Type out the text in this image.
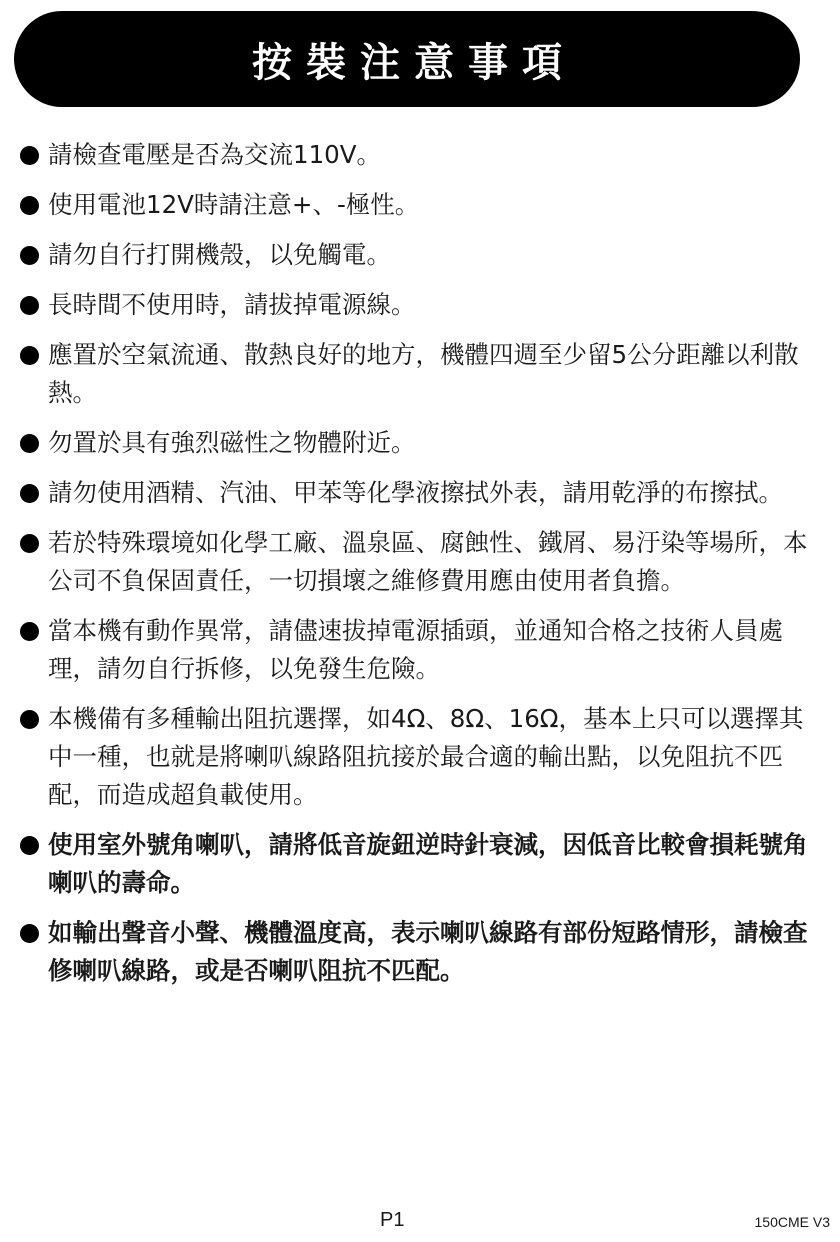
按裝注意事項
請檢查電壓是否為交流110V。
使用電池12V時請注意+、-極性。
請勿自行打開機殼，以免觸電。
長時間不使用時，請拔掉電源線。
應置於空氣流通、散熱良好的地方，機體四週至少留5公分距離以利散熱。
勿置於具有強烈磁性之物體附近。
請勿使用酒精、汽油、甲苯等化學液擦拭外表，請用乾淨的布擦拭。
若於特殊環境如化學工廠、溫泉區、腐蝕性、鐵屑、易汙染等場所，本公司不負保固責任，一切損壞之維修費用應由使用者負擔。
當本機有動作異常，請儘速拔掉電源插頭，並通知合格之技術人員處理，請勿自行拆修，以免發生危險。
本機備有多種輸出阻抗選擇，如4Ω、8Ω、16Ω，基本上只可以選擇其中一種，也就是將喇叭線路阻抗接於最合適的輸出點，以免阻抗不匹配，而造成超負載使用。
使用室外號角喇叭，請將低音旋鈕逆時針衰減，因低音比較會損耗號角喇叭的壽命。
如輸出聲音小聲、機體溫度高，表示喇叭線路有部份短路情形，請檢查修喇叭線路，或是否喇叭阻抗不匹配。
P1	150CME V3
